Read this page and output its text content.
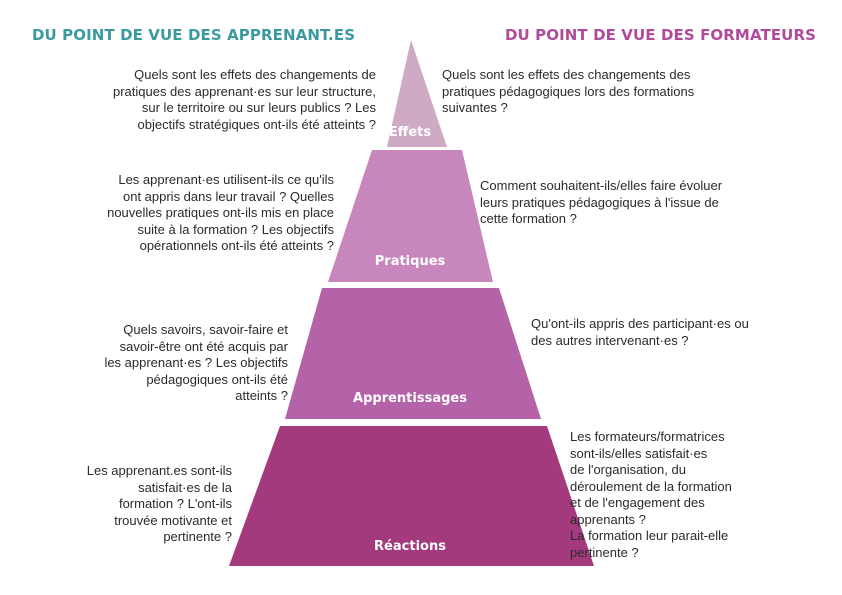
DU POINT DE VUE DES APPRENANT.ES	DU POINT DE VUE DES FORMATEURS
Effets
Pratiques
Apprentissages
Réactions

Quels sont les effets des changements de
pratiques des apprenant·es sur leur structure,
sur le territoire ou sur leurs publics ? Les
objectifs stratégiques ont-ils été atteints ?

Les apprenant·es utilisent-ils ce qu'ils
ont appris dans leur travail ? Quelles
nouvelles pratiques ont-ils mis en place
suite à la formation ? Les objectifs
opérationnels ont-ils été atteints ?

Quels savoirs, savoir-faire et
savoir-être ont été acquis par
les apprenant·es ? Les objectifs
pédagogiques ont-ils été
atteints ?

Les apprenant.es sont-ils
satisfait·es de la
formation ? L'ont-ils
trouvée motivante et
pertinente ?

Quels sont les effets des changements des
pratiques pédagogiques lors des formations
suivantes ?

Comment souhaitent-ils/elles faire évoluer
leurs pratiques pédagogiques à l'issue de
cette formation ?

Qu'ont-ils appris des participant·es ou
des autres intervenant·es ?

Les formateurs/formatrices
sont-ils/elles satisfait·es
de l'organisation, du
déroulement de la formation
et de l'engagement des
apprenants ?
La formation leur parait-elle
pertinente ?
